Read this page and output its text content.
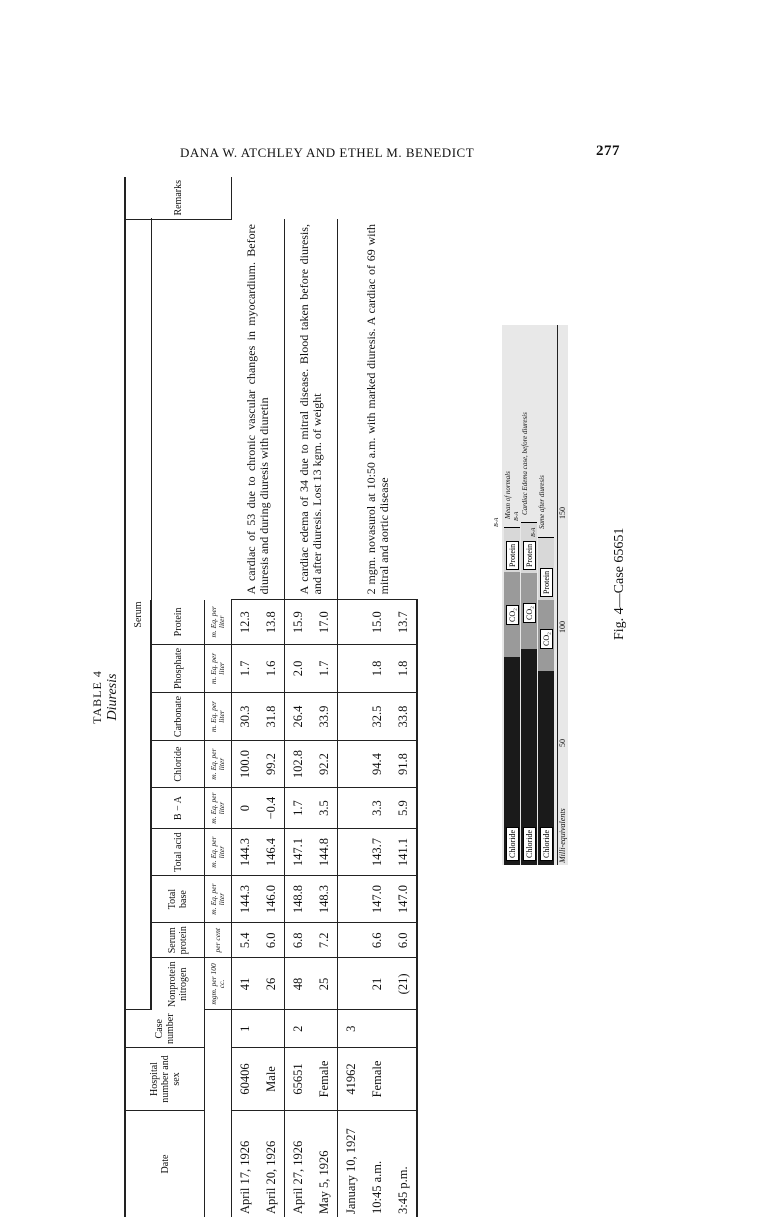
DANA W. ATCHLEY AND ETHEL M. BENEDICT	277
TABLE 4 Diuresis
Date	Hospital number and sex	Case number	Serum										Remarks
			Nonprotein nitrogen	Serum protein	Total base	Total acid	B − A	Chloride	Carbonate	Phosphate	Protein		
			mgm. per 100 cc.	per cent	m. Eq. per liter	m. Eq. per liter	m. Eq. per liter	m. Eq. per liter	m. Eq. per liter	m. Eq. per liter	m. Eq. per liter		
April 17, 1926	60406	1	41	5.4	144.3	144.3	0	100.0	30.3	1.7	12.3	A cardiac of 53 due to chronic vascular changes in myocardium. Before diuresis and during diuresis with diuretin	
April 20, 1926	Male		26	6.0	146.0	146.4	−0.4	99.2	31.8	1.6	13.8		
April 27, 1926	65651	2	48	6.8	148.8	147.1	1.7	102.8	26.4	2.0	15.9	A cardiac edema of 34 due to mitral disease. Blood taken before diuresis, and after diuresis. Lost 13 kgm. of weight	
May 5, 1926	Female		25	7.2	148.3	144.8	3.5	92.2	33.9	1.7	17.0		
January 10, 1927	41962	3										2 mgm. novasurol at 10:50 a.m. with marked diuresis. A cardiac of 69 with mitral and aortic disease	
10:45 a.m.	Female		21	6.6	147.0	143.7	3.3	94.4	32.5	1.8	15.0		
3:45 p.m.			(21)	6.0	147.0	141.1	5.9	91.8	33.8	1.8	13.7		
Chloride
CO₂
Protein
Mean of normals
Chloride
CO₂
Protein
Cardiac Edema case, before diuresis
Chloride
CO₂
Protein
Same after diuresis
B-A
B-A
B-A
Milli-equivalents
50
100
150
Fig. 4—Case 65651
